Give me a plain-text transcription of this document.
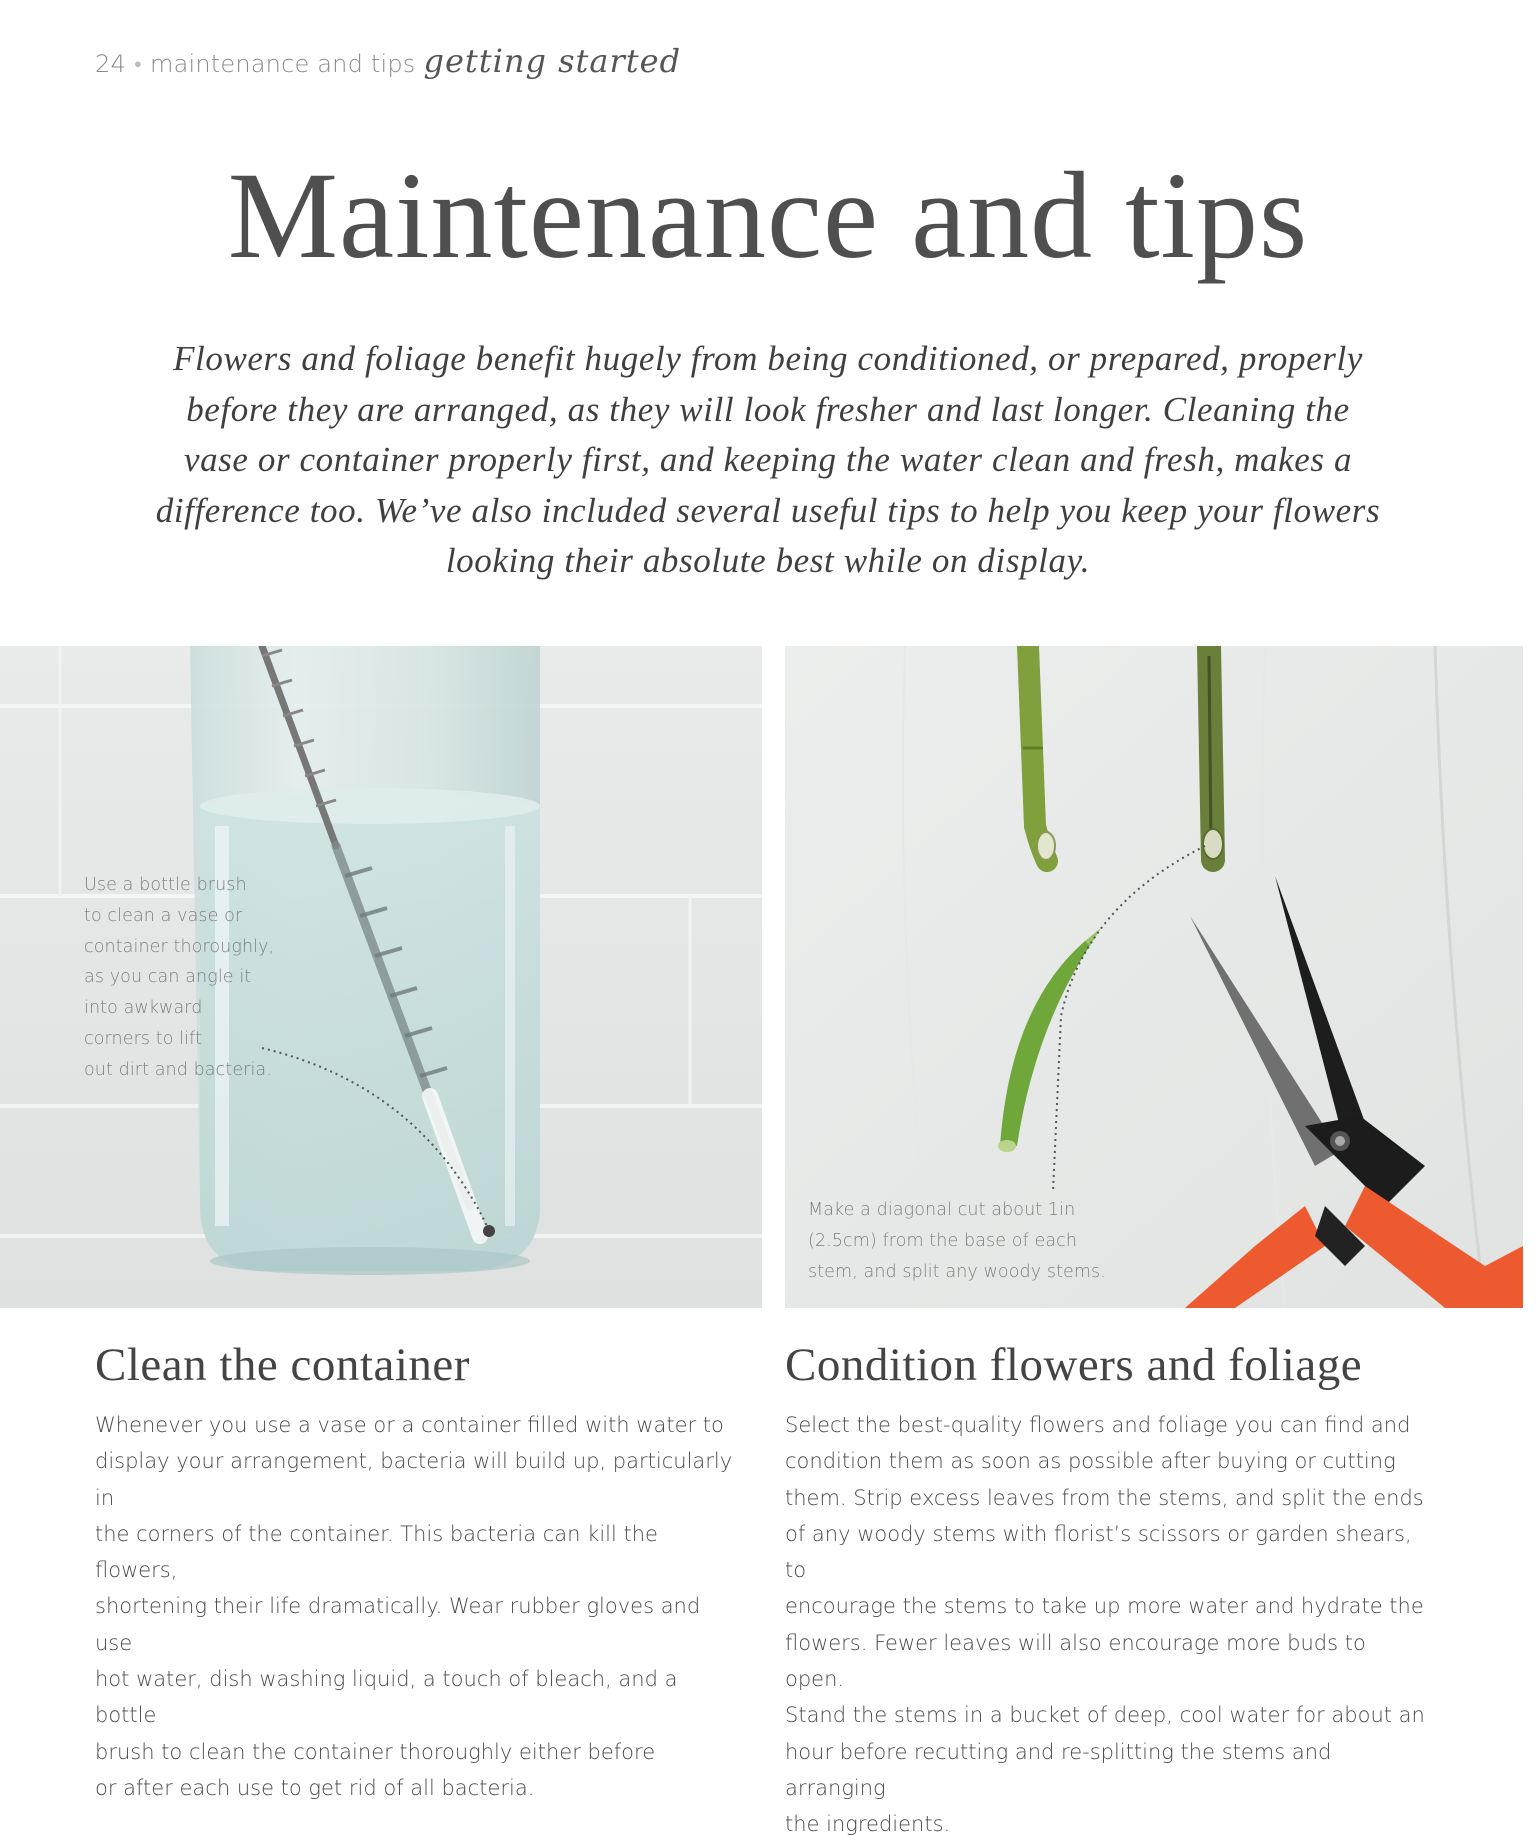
24 ● maintenance and tips getting started
Maintenance and tips

Flowers and foliage benefit hugely from being conditioned, or prepared, properly before they are arranged, as they will look fresher and last longer. Cleaning the vase or container properly first, and keeping the water clean and fresh, makes a difference too. We’ve also included several useful tips to help you keep your flowers looking their absolute best while on display.

Use a bottle brush
to clean a vase or
container thoroughly,
as you can angle it
into awkward
corners to lift
out dirt and bacteria.
Make a diagonal cut about 1in
(2.5cm) from the base of each
stem, and split any woody stems.
Clean the container

Whenever you use a vase or a container filled with water to
display your arrangement, bacteria will build up, particularly in
the corners of the container. This bacteria can kill the flowers,
shortening their life dramatically. Wear rubber gloves and use
hot water, dish washing liquid, a touch of bleach, and a bottle
brush to clean the container thoroughly either before
or after each use to get rid of all bacteria.

Condition flowers and foliage

Select the best-quality flowers and foliage you can find and
condition them as soon as possible after buying or cutting
them. Strip excess leaves from the stems, and split the ends
of any woody stems with florist’s scissors or garden shears, to
encourage the stems to take up more water and hydrate the
flowers. Fewer leaves will also encourage more buds to open.
Stand the stems in a bucket of deep, cool water for about an
hour before recutting and re-splitting the stems and arranging
the ingredients.
